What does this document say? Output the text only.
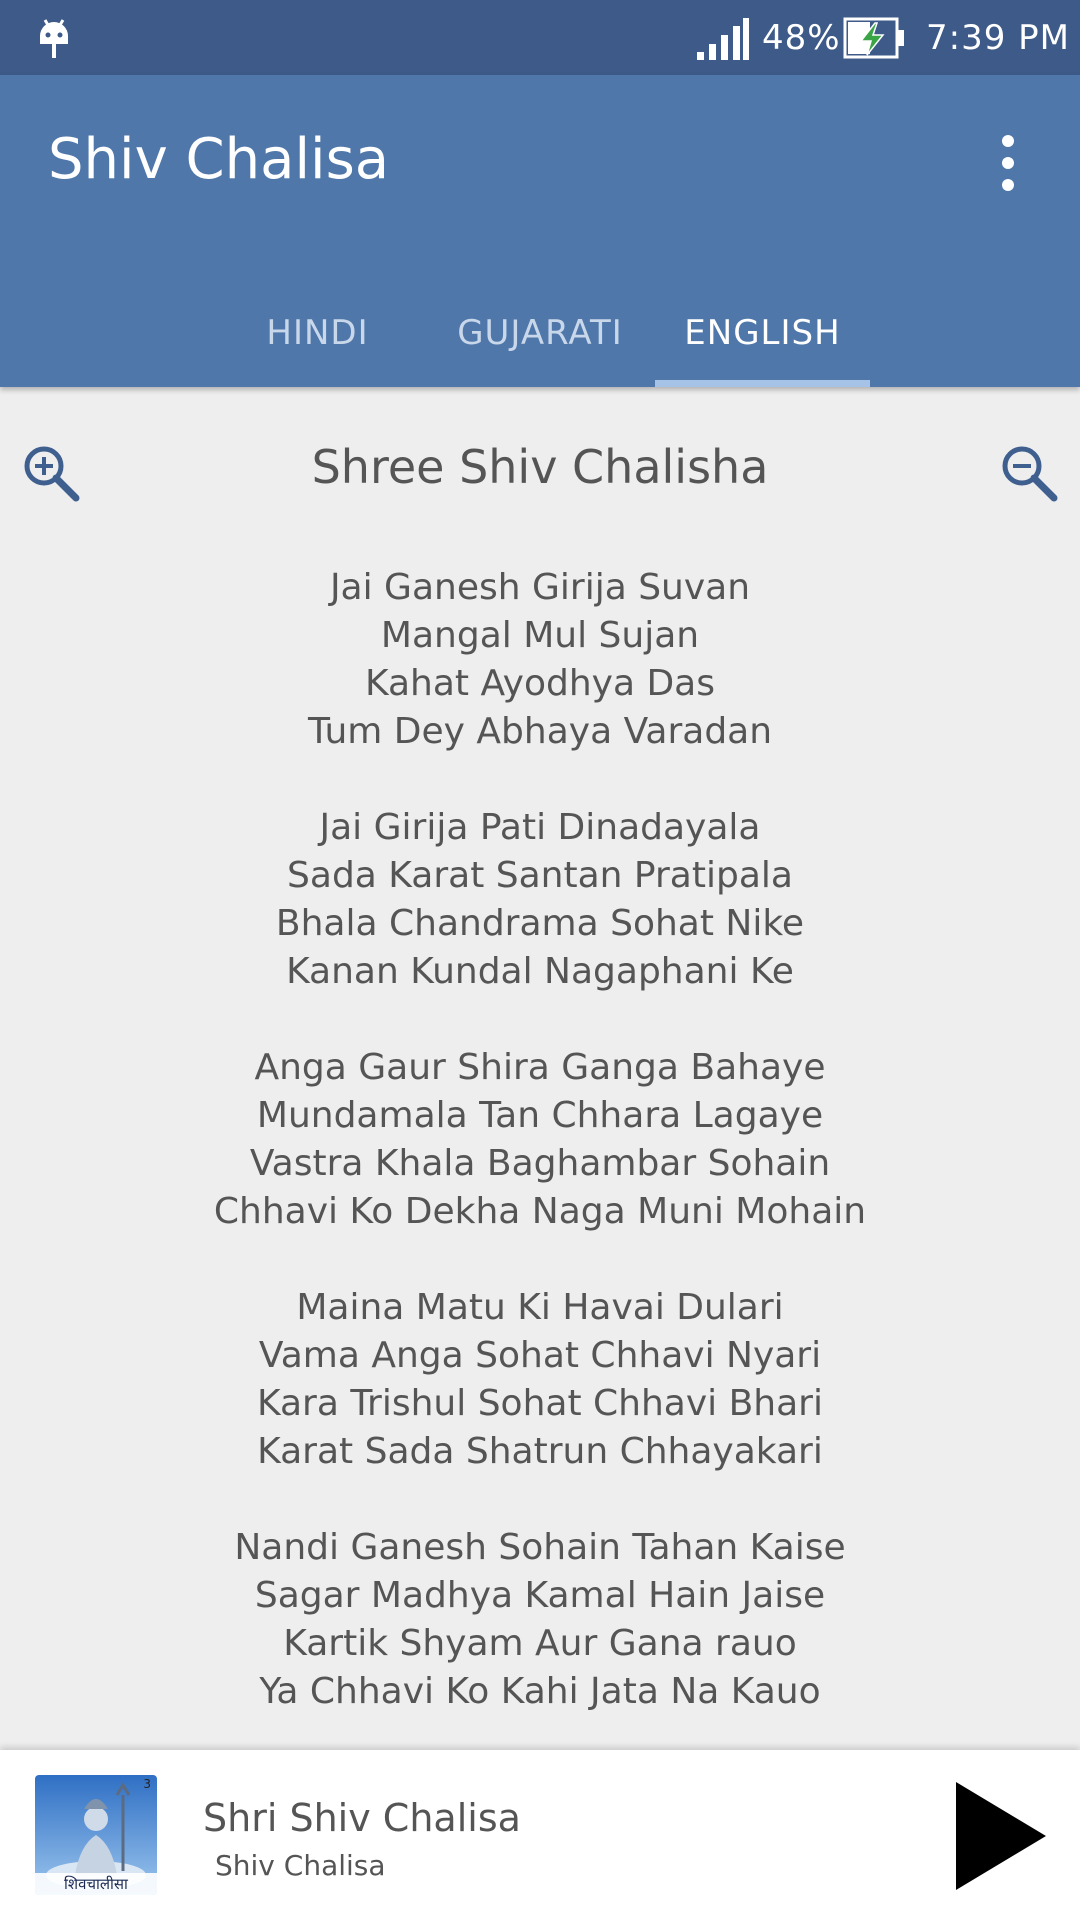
48%	7:39 PM
Shiv Chalisa
HINDI	GUJARATI	ENGLISH
Shree Shiv Chalisha
Jai Ganesh Girija Suvan
Mangal Mul Sujan
Kahat Ayodhya Das
Tum Dey Abhaya Varadan
Jai Girija Pati Dinadayala
Sada Karat Santan Pratipala
Bhala Chandrama Sohat Nike
Kanan Kundal Nagaphani Ke
Anga Gaur Shira Ganga Bahaye
Mundamala Tan Chhara Lagaye
Vastra Khala Baghambar Sohain
Chhavi Ko Dekha Naga Muni Mohain
Maina Matu Ki Havai Dulari
Vama Anga Sohat Chhavi Nyari
Kara Trishul Sohat Chhavi Bhari
Karat Sada Shatrun Chhayakari
Nandi Ganesh Sohain Tahan Kaise
Sagar Madhya Kamal Hain Jaise
Kartik Shyam Aur Gana rauo
Ya Chhavi Ko Kahi Jata Na Kauo
3
शिवचालीसा
Shri Shiv Chalisa
Shiv Chalisa
